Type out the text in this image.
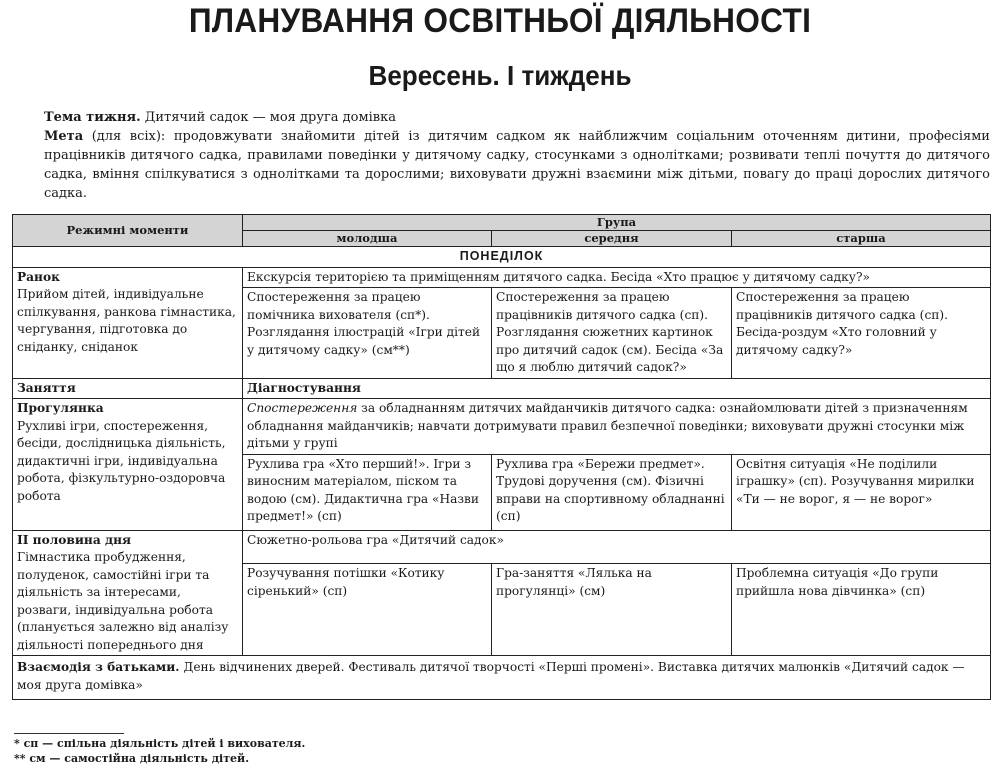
ПЛАНУВАННЯ ОСВІТНЬОЇ ДІЯЛЬНОСТІ
Вересень. I тиждень

Тема тижня. Дитячий садок — моя друга домівка

Мета (для всіх): продовжувати знайомити дітей із дитячим садком як найближчим соціальним оточенням дитини, професіями працівників дитячого садка, правилами поведінки у дитячому садку, стосунками з однолітками; розвивати теплі почуття до дитячого садка, вміння спілкуватися з однолітками та дорослими; виховувати дружні взаємини між дітьми, повагу до праці дорослих дитячого садка.

Режимні моменти	Група		
	молодша	середня	старша
ПОНЕДІЛОК			

Ранок
Прийом дітей, індивідуальне спілкування, ранкова гімнастика, чергування, підготовка до сніданку, сніданок	Екскурсія територією та приміщенням дитячого садка. Бесіда «Хто працює у дитячому садку?»		
	Спостереження за працею помічника вихователя (сп*). Розглядання ілюстрацій «Ігри дітей у дитячому садку» (см**)	Спостереження за працею працівників дитячого садка (сп). Розглядання сюжетних картинок про дитячий садок (см). Бесіда «За що я люблю дитячий садок?»	Спостереження за працею працівників дитячого садка (сп). Бесіда-роздум «Хто головний у дитячому садку?»
Заняття	Діагностування		

Прогулянка
Рухливі ігри, спостереження, бесіди, дослідницька діяльність, дидактичні ігри, індивідуальна робота, фізкультурно-оздоровча робота	Спостереження за обладнанням дитячих майданчиків дитячого садка: ознайомлювати дітей з призначенням обладнання майданчиків; навчати дотримувати правил безпечної поведінки; виховувати дружні стосунки між дітьми у групі		
	Рухлива гра «Хто перший!». Ігри з виносним матеріалом, піском та водою (см). Дидактична гра «Назви предмет!» (сп)	Рухлива гра «Бережи предмет». Трудові доручення (см). Фізичні вправи на спортивному обладнанні (сп)	Освітня ситуація «Не поділили іграшку» (сп). Розучування мирилки «Ти — не ворог, я — не ворог»

II половина дня
Гімнастика пробудження, полуденок, самостійні ігри та діяльність за інтересами, розваги, індивідуальна робота (планується залежно від аналізу діяльності попереднього дня	Сюжетно-рольова гра «Дитячий садок»		
	Розучування потішки «Котику сіренький» (сп)	Гра-заняття «Лялька на прогулянці» (см)	Проблемна ситуація «До групи прийшла нова дівчинка» (сп)
Взаємодія з батьками. День відчинених дверей. Фестиваль дитячої творчості «Перші промені». Виставка дитячих малюнків «Дитячий садок — моя друга домівка»			
* сп — спільна діяльність дітей і вихователя.
** см — самостійна діяльність дітей.
